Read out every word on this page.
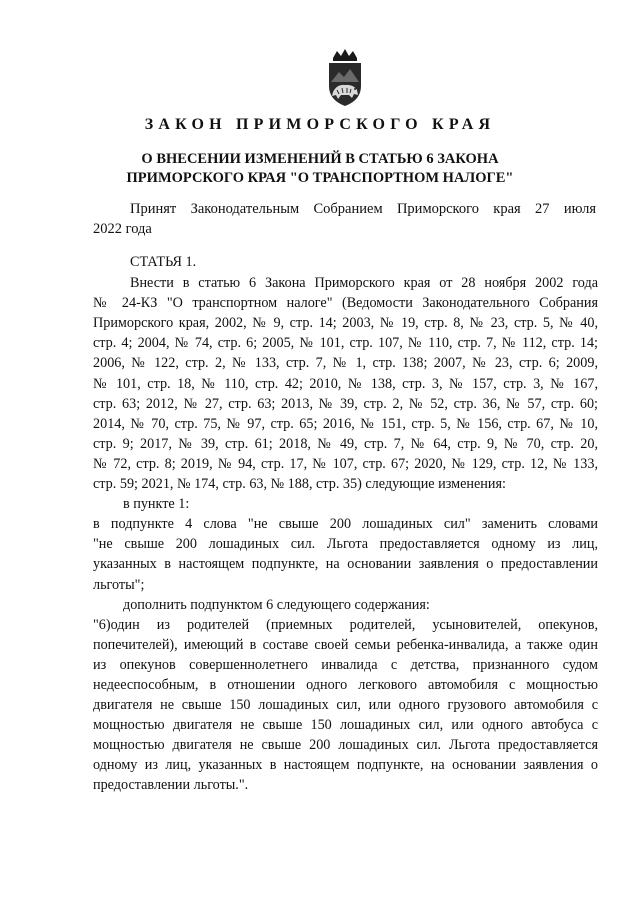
ЗАКОН ПРИМОРСКОГО КРАЯ
О ВНЕСЕНИИ ИЗМЕНЕНИЙ В СТАТЬЮ 6 ЗАКОНА
ПРИМОРСКОГО КРАЯ "О ТРАНСПОРТНОМ НАЛОГЕ"
Принят Законодательным Собранием Приморского края 27 июля
2022 года
СТАТЬЯ 1.

Внести в статью 6 Закона Приморского края от 28 ноября 2002 года
№ 24-КЗ "О транспортном налоге" (Ведомости Законодательного Собрания
Приморского края, 2002, № 9, стр. 14; 2003, № 19, стр. 8, № 23, стр. 5, № 40,
стр. 4; 2004, № 74, стр. 6; 2005, № 101, стр. 107, № 110, стр. 7, № 112, стр. 14;
2006, № 122, стр. 2, № 133, стр. 7, № 1, стр. 138; 2007, № 23, стр. 6; 2009,
№ 101, стр. 18, № 110, стр. 42; 2010, № 138, стр. 3, № 157, стр. 3, № 167,
стр. 63; 2012, № 27, стр. 63; 2013, № 39, стр. 2, № 52, стр. 36, № 57, стр. 60;
2014, № 70, стр. 75, № 97, стр. 65; 2016, № 151, стр. 5, № 156, стр. 67, № 10,
стр. 9; 2017, № 39, стр. 61; 2018, № 49, стр. 7, № 64, стр. 9, № 70, стр. 20,
№ 72, стр. 8; 2019, № 94, стр. 17, № 107, стр. 67; 2020, № 129, стр. 12, № 133,
стр. 59; 2021, № 174, стр. 63, № 188, стр. 35) следующие изменения:

в пункте 1:

в подпункте 4 слова "не свыше 200 лошадиных сил" заменить словами
"не свыше 200 лошадиных сил. Льгота предоставляется одному из лиц,
указанных в настоящем подпункте, на основании заявления о предоставлении
льготы";

дополнить подпунктом 6 следующего содержания:

"6)один из родителей (приемных родителей, усыновителей, опекунов,
попечителей), имеющий в составе своей семьи ребенка-инвалида, а также один
из опекунов совершеннолетнего инвалида с детства, признанного судом
недееспособным, в отношении одного легкового автомобиля с мощностью
двигателя не свыше 150 лошадиных сил, или одного грузового автомобиля с
мощностью двигателя не свыше 150 лошадиных сил, или одного автобуса с
мощностью двигателя не свыше 200 лошадиных сил. Льгота предоставляется
одному из лиц, указанных в настоящем подпункте, на основании заявления о
предоставлении льготы.".
